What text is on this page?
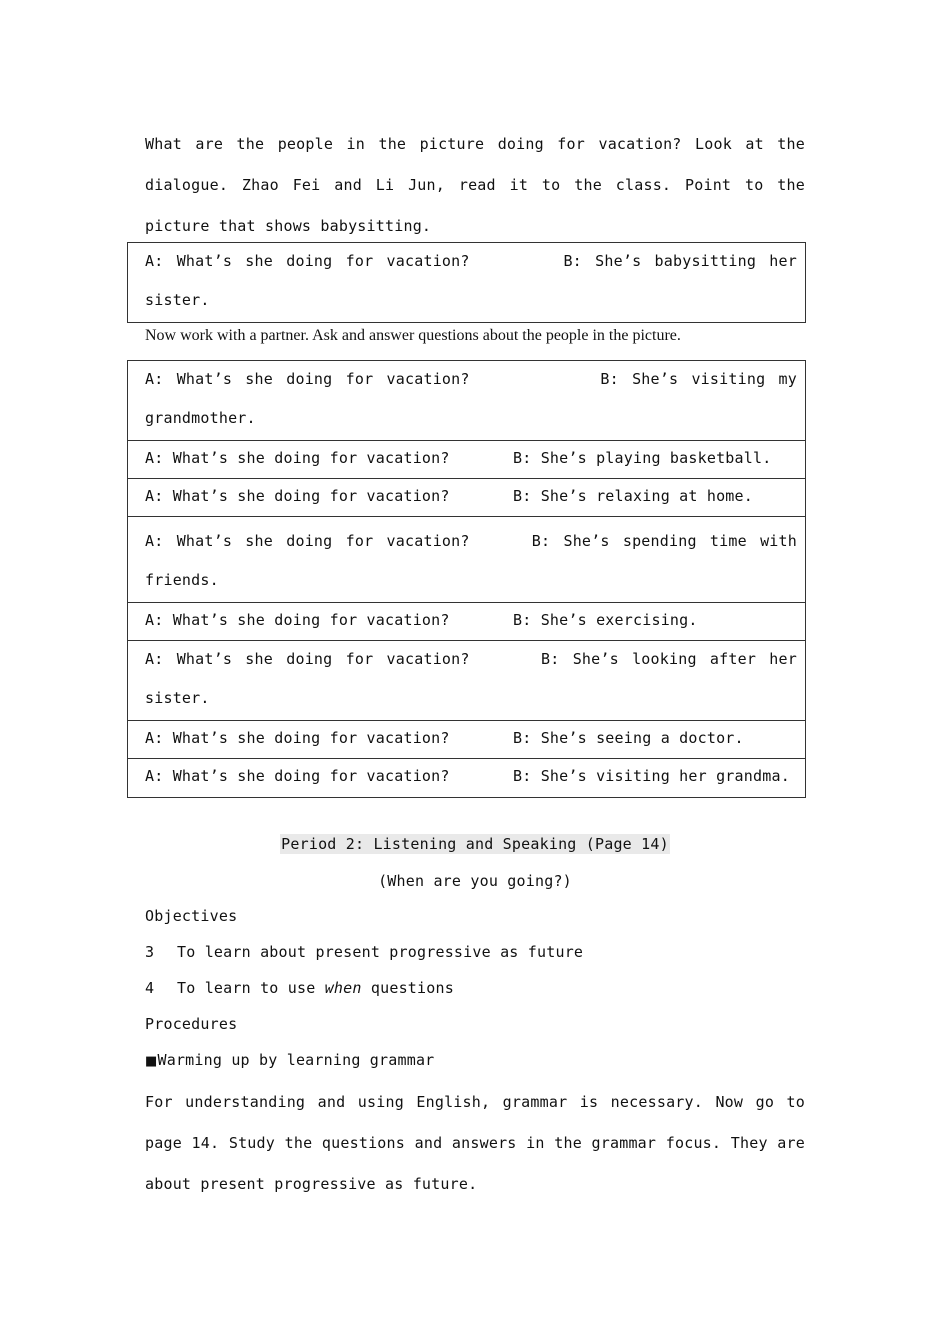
What are the people in the picture doing for vacation? Look at the dialogue. Zhao Fei and Li Jun, read it to the class. Point to the picture that shows babysitting.

A: What’s she doing for vacation?	B: She’s babysitting her
sister.
Now work with a partner. Ask and answer questions about the people in the picture.
A: What’s she doing for vacation?	B: She’s visiting my
grandmother.
A: What’s she doing for vacation?	B: She’s playing basketball.
A: What’s she doing for vacation?	B: She’s relaxing at home.
A: What’s she doing for vacation?	B: She’s spending time with
friends.
A: What’s she doing for vacation?	B: She’s exercising.
A: What’s she doing for vacation?	B: She’s looking after her
sister.
A: What’s she doing for vacation?	B: She’s seeing a doctor.
A: What’s she doing for vacation?	B: She’s visiting her grandma.
Period 2: Listening and Speaking (Page 14)
(When are you going?)
Objectives
3 To learn about present progressive as future
4 To learn to use when questions
Procedures
■Warming up by learning grammar

For understanding and using English, grammar is necessary. Now go to page 14. Study the questions and answers in the grammar focus. They are about present progressive as future.
